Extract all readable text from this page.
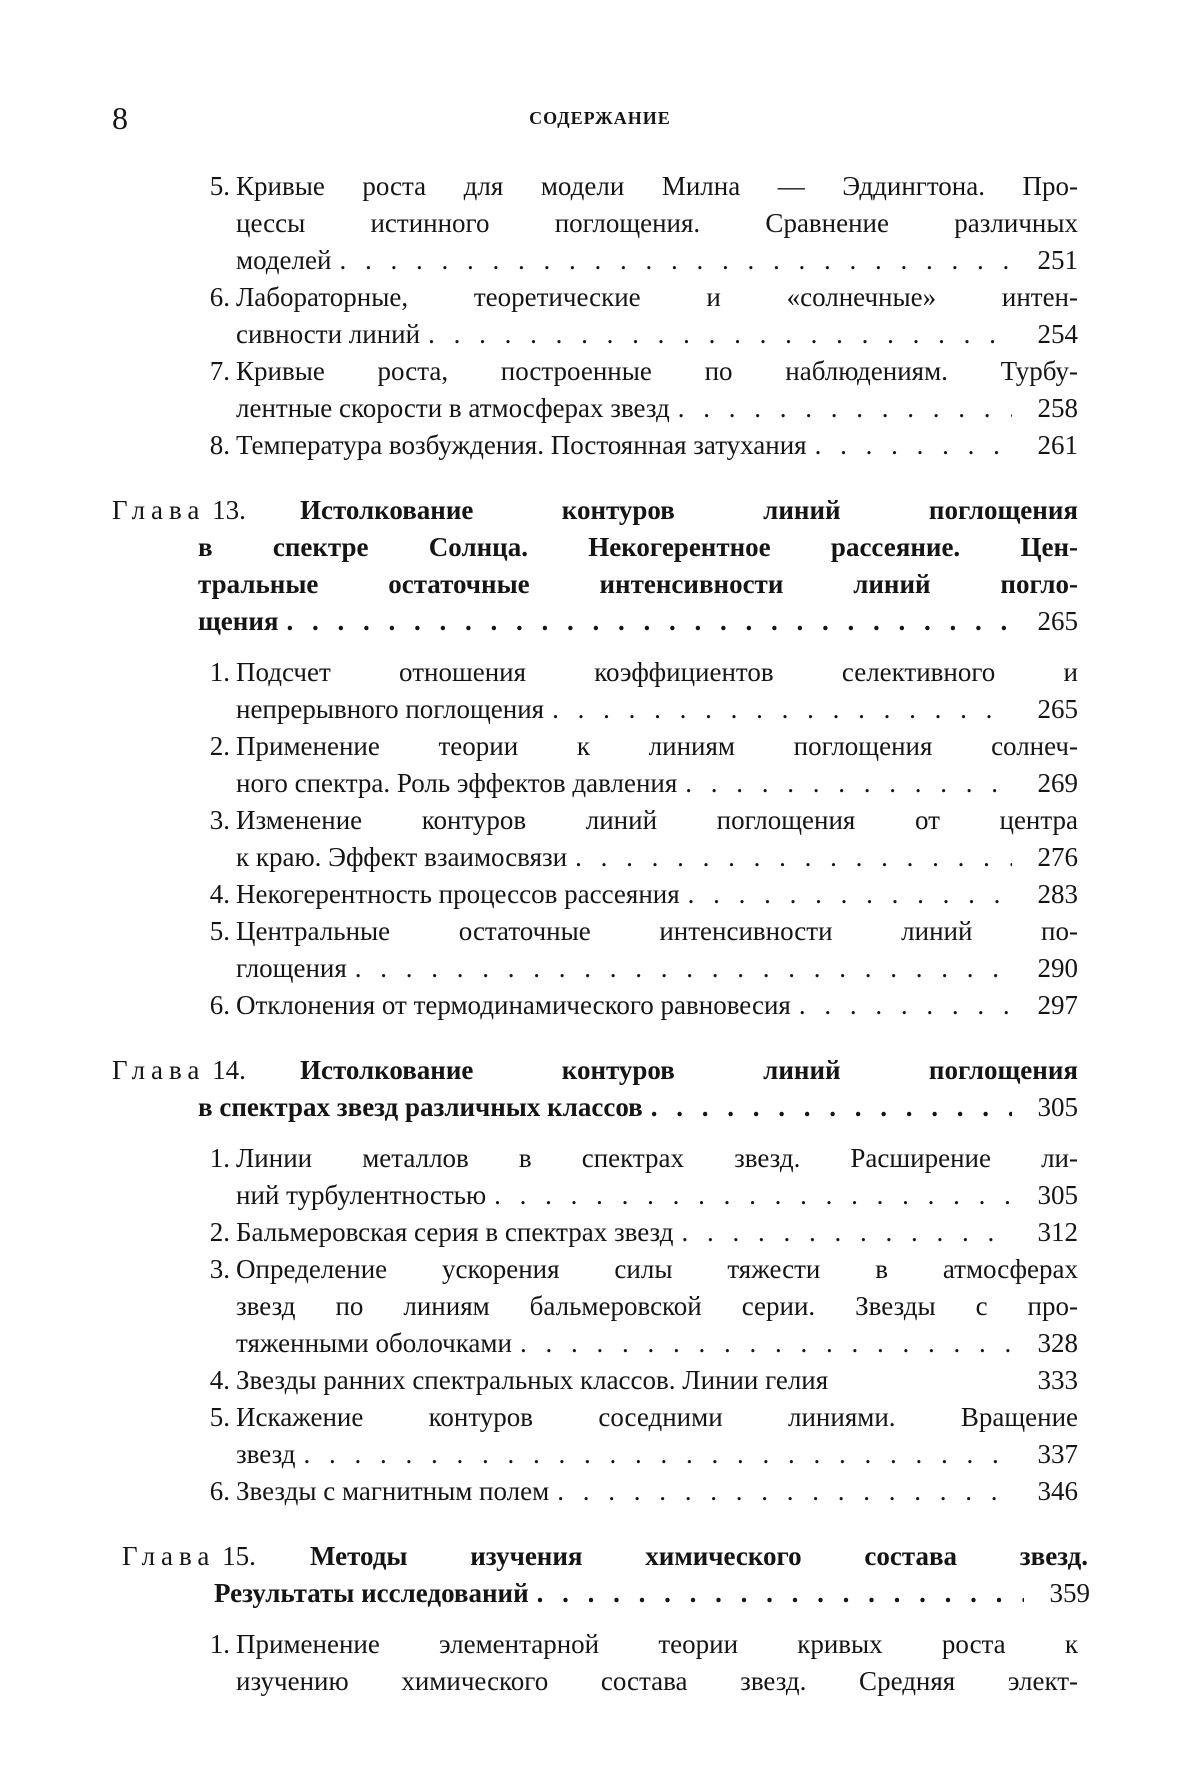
8	СОДЕРЖАНИЕ
5. Кривые роста для модели Милна — Эддингтона. Про-
цессы истинного поглощения. Сравнение различных
моделей . . .	251
6. Лабораторные, теоретические и «солнечные» интен-
сивности линий . . .	254
7. Кривые роста, построенные по наблюдениям. Турбу-
лентные скорости в атмосферах звезд . . .	258
8. Температура возбуждения. Постоянная затухания . . .	261
Глава 13. Истолкование контуров линий поглощения
в спектре Солнца. Некогерентное рассеяние. Цен-
тральные остаточные интенсивности линий погло-
щения . . .	265
1. Подсчет отношения коэффициентов селективного и
непрерывного поглощения . . .	265
2. Применение теории к линиям поглощения солнеч-
ного спектра. Роль эффектов давления . . .	269
3. Изменение контуров линий поглощения от центра
к краю. Эффект взаимосвязи . . .	276
4. Некогерентность процессов рассеяния . . .	283
5. Центральные остаточные интенсивности линий по-
глощения . . .	290
6. Отклонения от термодинамического равновесия . . .	297
Глава 14. Истолкование контуров линий поглощения
в спектрах звезд различных классов . . .	305
1. Линии металлов в спектрах звезд. Расширение ли-
ний турбулентностью . . .	305
2. Бальмеровская серия в спектрах звезд . . .	312
3. Определение ускорения силы тяжести в атмосферах
звезд по линиям бальмеровской серии. Звезды с про-
тяженными оболочками . . .	328
4. Звезды ранних спектральных классов. Линии гелия	333
5. Искажение контуров соседними линиями. Вращение
звезд . . .	337
6. Звезды с магнитным полем . . .	346
Глава 15. Методы изучения химического состава звезд.
Результаты исследований . . .	359
1. Применение элементарной теории кривых роста к
изучению химического состава звезд. Средняя элект-
